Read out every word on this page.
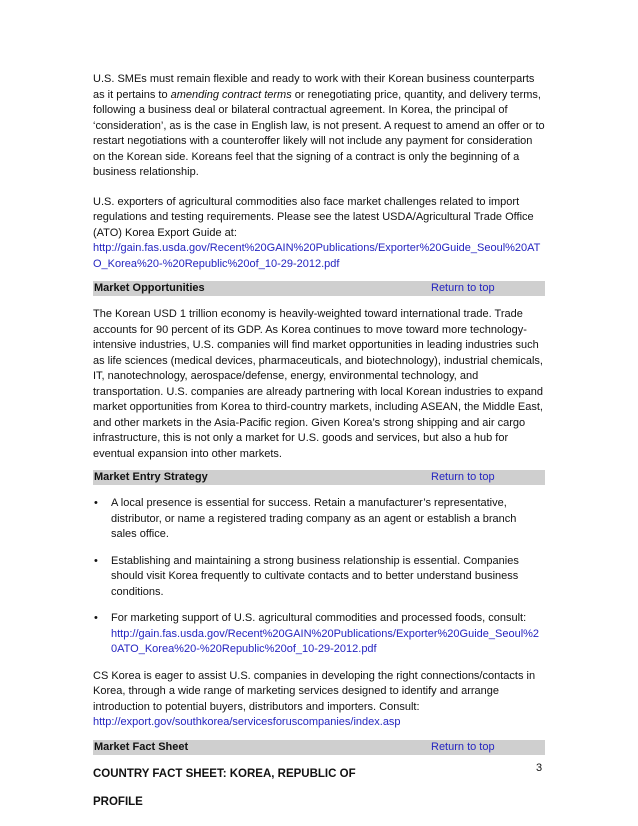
U.S. SMEs must remain flexible and ready to work with their Korean business counterparts as it pertains to amending contract terms or renegotiating price, quantity, and delivery terms, following a business deal or bilateral contractual agreement. In Korea, the principal of ‘consideration’, as is the case in English law, is not present. A request to amend an offer or to restart negotiations with a counteroffer likely will not include any payment for consideration on the Korean side. Koreans feel that the signing of a contract is only the beginning of a business relationship.

U.S. exporters of agricultural commodities also face market challenges related to import regulations and testing requirements. Please see the latest USDA/Agricultural Trade Office (ATO) Korea Export Guide at:
http://gain.fas.usda.gov/Recent%20GAIN%20Publications/Exporter%20Guide_Seoul%20ATO_Korea%20-%20Republic%20of_10-29-2012.pdf

Market Opportunities	Return to top

The Korean USD 1 trillion economy is heavily-weighted toward international trade. Trade accounts for 90 percent of its GDP. As Korea continues to move toward more technology-intensive industries, U.S. companies will find market opportunities in leading industries such as life sciences (medical devices, pharmaceuticals, and biotechnology), industrial chemicals, IT, nanotechnology, aerospace/defense, energy, environmental technology, and transportation. U.S. companies are already partnering with local Korean industries to expand market opportunities from Korea to third-country markets, including ASEAN, the Middle East, and other markets in the Asia-Pacific region. Given Korea’s strong shipping and air cargo infrastructure, this is not only a market for U.S. goods and services, but also a hub for eventual expansion into other markets.

Market Entry Strategy	Return to top
• A local presence is essential for success. Retain a manufacturer’s representative, distributor, or name a registered trading company as an agent or establish a branch sales office.
• Establishing and maintaining a strong business relationship is essential. Companies should visit Korea frequently to cultivate contacts and to better understand business conditions.
• For marketing support of U.S. agricultural commodities and processed foods, consult:
http://gain.fas.usda.gov/Recent%20GAIN%20Publications/Exporter%20Guide_Seoul%20ATO_Korea%20-%20Republic%20of_10-29-2012.pdf

CS Korea is eager to assist U.S. companies in developing the right connections/contacts in Korea, through a wide range of marketing services designed to identify and arrange introduction to potential buyers, distributors and importers. Consult:
http://export.gov/southkorea/servicesforuscompanies/index.asp

Market Fact Sheet	Return to top

COUNTRY FACT SHEET: KOREA, REPUBLIC OF

PROFILE

3
